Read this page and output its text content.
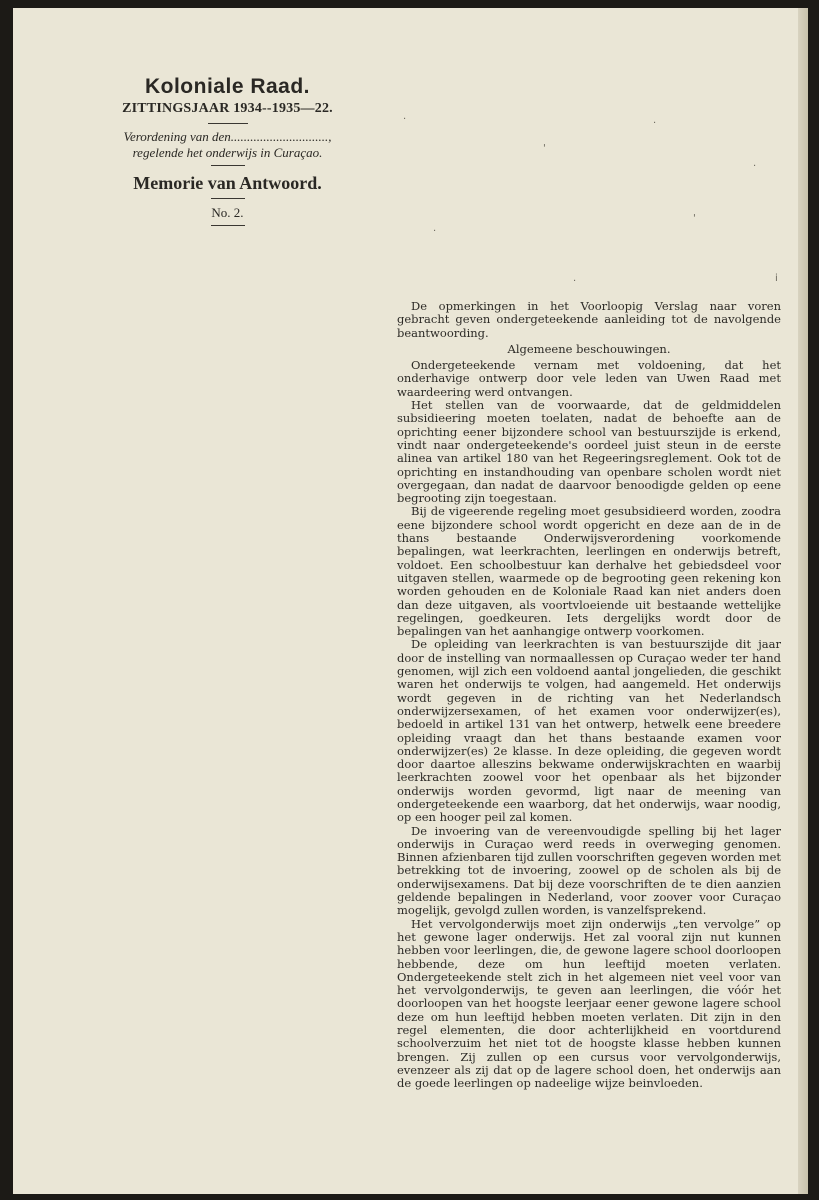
Koloniale Raad.

ZITTINGSJAAR 1934--1935—22.

Verordening van den..............................,

regelende het onderwijs in Curaçao.

Memorie van Antwoord.

No. 2.

.
'
.
.
.
'
.	i

De opmerkingen in het Voorloopig Verslag naar voren gebracht geven ondergeteekende aanleiding tot de navolgende beantwoording.

Algemeene beschouwingen.

Ondergeteekende vernam met voldoening, dat het onderhavige ontwerp door vele leden van Uwen Raad met waardeering werd ontvangen.

Het stellen van de voorwaarde, dat de geldmiddelen subsidieering moeten toelaten, nadat de behoefte aan de oprichting eener bijzondere school van bestuurszijde is erkend, vindt naar ondergeteekende's oordeel juist steun in de eerste alinea van artikel 180 van het Regeeringsreglement. Ook tot de oprichting en instandhouding van openbare scholen wordt niet overgegaan, dan nadat de daarvoor benoodigde gelden op eene begrooting zijn toegestaan.

Bij de vigeerende regeling moet gesubsidieerd worden, zoodra eene bijzondere school wordt opgericht en deze aan de in de thans bestaande Onderwijsverordening voorkomende bepalingen, wat leerkrachten, leerlingen en onderwijs betreft, voldoet. Een schoolbestuur kan derhalve het gebiedsdeel voor uitgaven stellen, waarmede op de begrooting geen rekening kon worden gehouden en de Koloniale Raad kan niet anders doen dan deze uitgaven, als voortvloeiende uit bestaande wettelijke regelingen, goedkeuren. Iets dergelijks wordt door de bepalingen van het aanhangige ontwerp voorkomen.

De opleiding van leerkrachten is van bestuurszijde dit jaar door de instelling van normaallessen op Curaçao weder ter hand genomen, wijl zich een voldoend aantal jongelieden, die geschikt waren het onderwijs te volgen, had aangemeld. Het onderwijs wordt gegeven in de richting van het Nederlandsch onderwijzersexamen, of het examen voor onderwijzer(es), bedoeld in artikel 131 van het ontwerp, hetwelk eene breedere opleiding vraagt dan het thans bestaande examen voor onderwijzer(es) 2e klasse. In deze opleiding, die gegeven wordt door daartoe alleszins bekwame onderwijskrachten en waarbij leerkrachten zoowel voor het openbaar als het bijzonder onderwijs worden gevormd, ligt naar de meening van ondergeteekende een waarborg, dat het onderwijs, waar noodig, op een hooger peil zal komen.

De invoering van de vereenvoudigde spelling bij het lager onderwijs in Curaçao werd reeds in overweging genomen. Binnen afzienbaren tijd zullen voorschriften gegeven worden met betrekking tot de invoering, zoowel op de scholen als bij de onderwijsexamens. Dat bij deze voorschriften de te dien aanzien geldende bepalingen in Nederland, voor zoover voor Curaçao mogelijk, gevolgd zullen worden, is vanzelfsprekend.

Het vervolgonderwijs moet zijn onderwijs „ten vervolge” op het gewone lager onderwijs. Het zal vooral zijn nut kunnen hebben voor leerlingen, die, de gewone lagere school doorloopen hebbende, deze om hun leeftijd moeten verlaten. Ondergeteekende stelt zich in het algemeen niet veel voor van het vervolgonderwijs, te geven aan leerlingen, die vóór het doorloopen van het hoogste leerjaar eener gewone lagere school deze om hun leeftijd hebben moeten verlaten. Dit zijn in den regel elementen, die door achterlijkheid en voortdurend schoolverzuim het niet tot de hoogste klasse hebben kunnen brengen. Zij zullen op een cursus voor vervolgonderwijs, evenzeer als zij dat op de lagere school doen, het onderwijs aan de goede leerlingen op nadeelige wijze beinvloeden.
